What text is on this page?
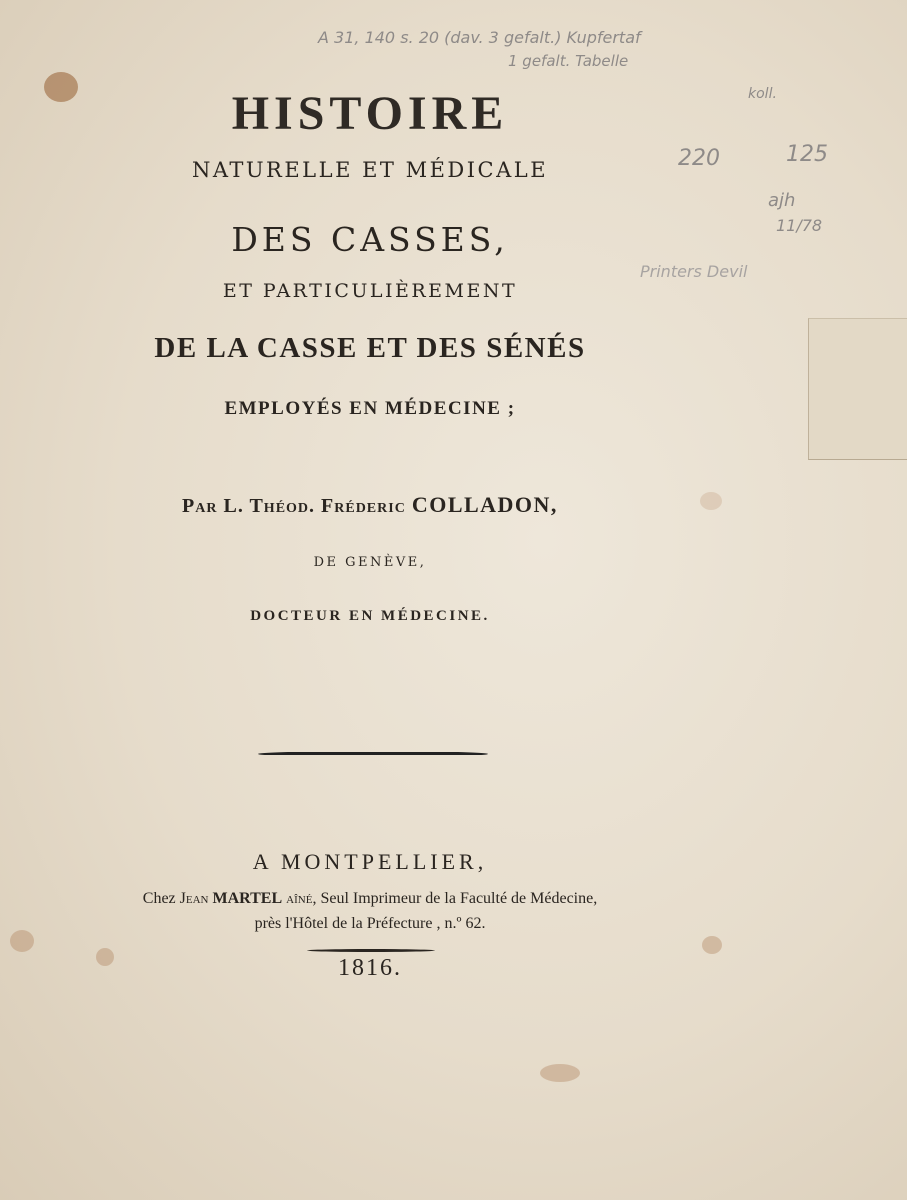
A 31, 140 s. 20 (dav. 3 gefalt.) Kupfertaf
1 gefalt. Tabelle
koll.
220	125
ajh
11/78
Printers Devil
HISTOIRE
NATURELLE ET MÉDICALE
DES CASSES,
ET PARTICULIÈREMENT
DE LA CASSE ET DES SÉNÉS
EMPLOYÉS EN MÉDECINE ;
Par L. Théod. Fréderic COLLADON,
DE GENÈVE,
DOCTEUR EN MÉDECINE.
A MONTPELLIER,
Chez Jean MARTEL aîné, Seul Imprimeur de la Faculté de Médecine,
près l'Hôtel de la Préfecture , n.º 62.
1816.
